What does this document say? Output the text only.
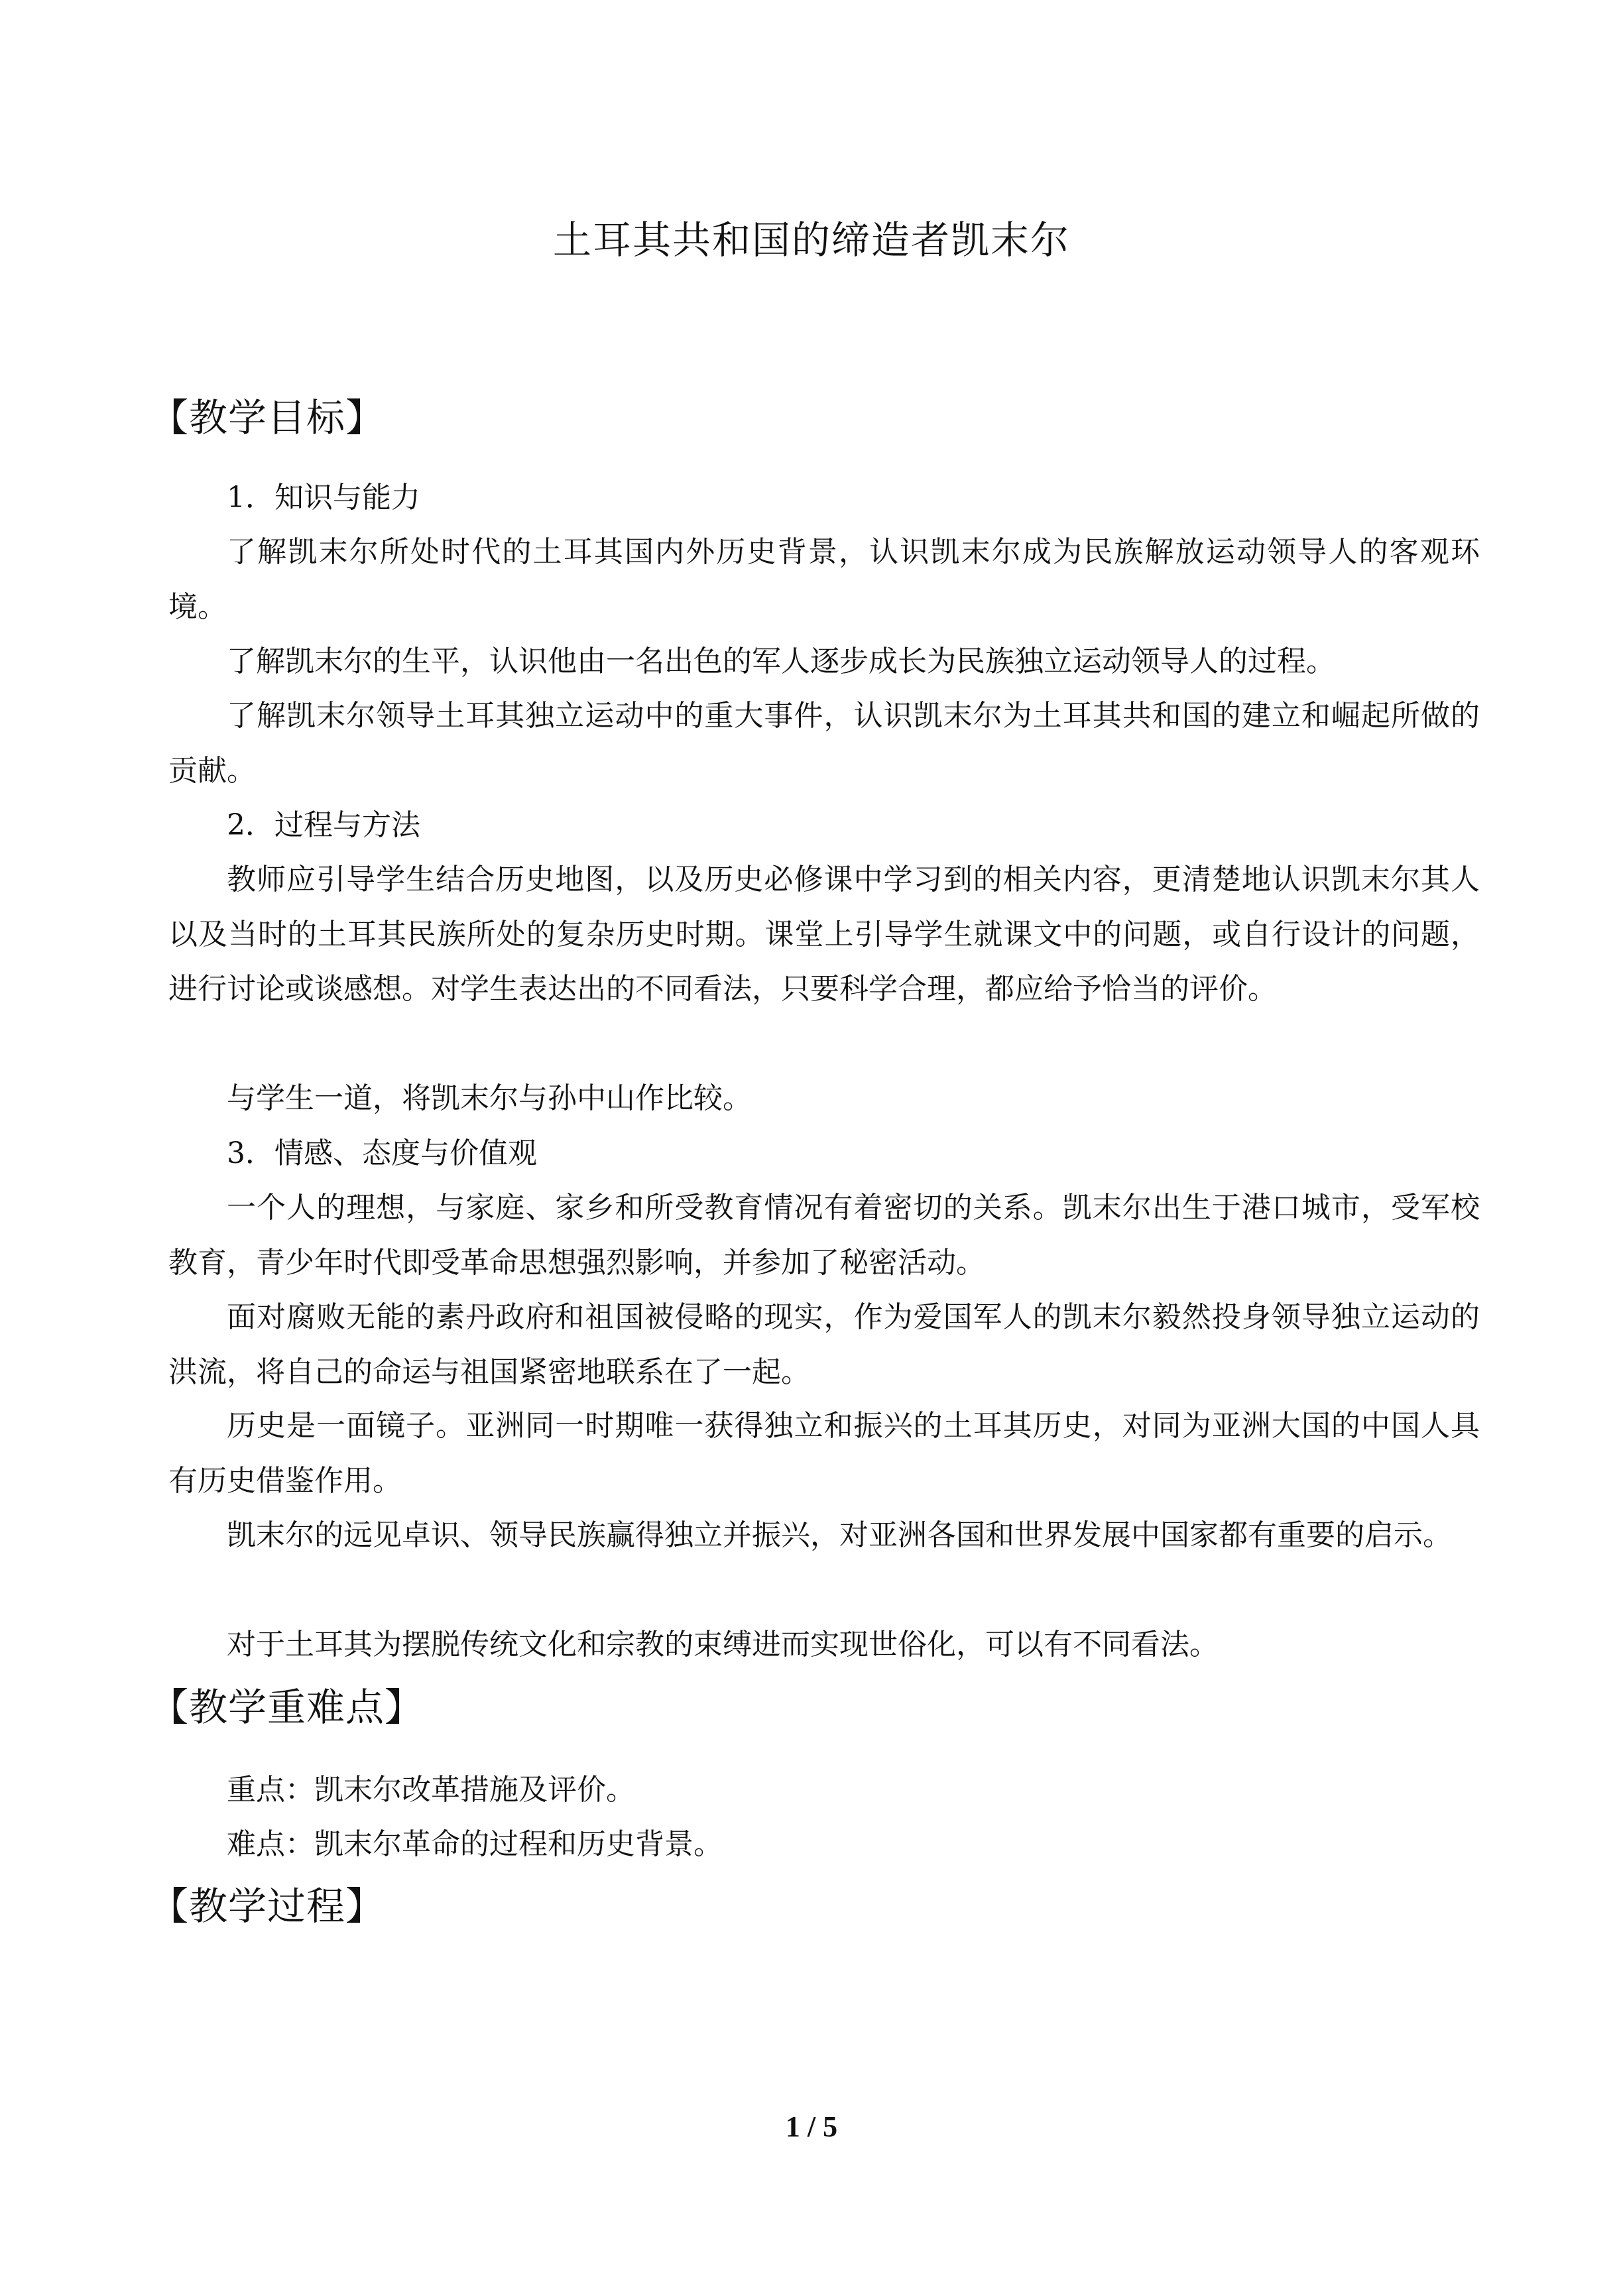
土耳其共和国的缔造者凯末尔
【教学目标】

1．知识与能力

了解凯末尔所处时代的土耳其国内外历史背景，认识凯末尔成为民族解放运动领导人的客观环境。

了解凯末尔的生平，认识他由一名出色的军人逐步成长为民族独立运动领导人的过程。

了解凯末尔领导土耳其独立运动中的重大事件，认识凯末尔为土耳其共和国的建立和崛起所做的贡献。

2．过程与方法

教师应引导学生结合历史地图，以及历史必修课中学习到的相关内容，更清楚地认识凯末尔其人以及当时的土耳其民族所处的复杂历史时期。课堂上引导学生就课文中的问题，或自行设计的问题，进行讨论或谈感想。对学生表达出的不同看法，只要科学合理，都应给予恰当的评价。

与学生一道，将凯末尔与孙中山作比较。

3．情感、态度与价值观

一个人的理想，与家庭、家乡和所受教育情况有着密切的关系。凯末尔出生于港口城市，受军校教育，青少年时代即受革命思想强烈影响，并参加了秘密活动。

面对腐败无能的素丹政府和祖国被侵略的现实，作为爱国军人的凯末尔毅然投身领导独立运动的洪流，将自己的命运与祖国紧密地联系在了一起。

历史是一面镜子。亚洲同一时期唯一获得独立和振兴的土耳其历史，对同为亚洲大国的中国人具有历史借鉴作用。

凯末尔的远见卓识、领导民族赢得独立并振兴，对亚洲各国和世界发展中国家都有重要的启示。

对于土耳其为摆脱传统文化和宗教的束缚进而实现世俗化，可以有不同看法。

【教学重难点】

重点：凯末尔改革措施及评价。

难点：凯末尔革命的过程和历史背景。

【教学过程】
1 / 5
